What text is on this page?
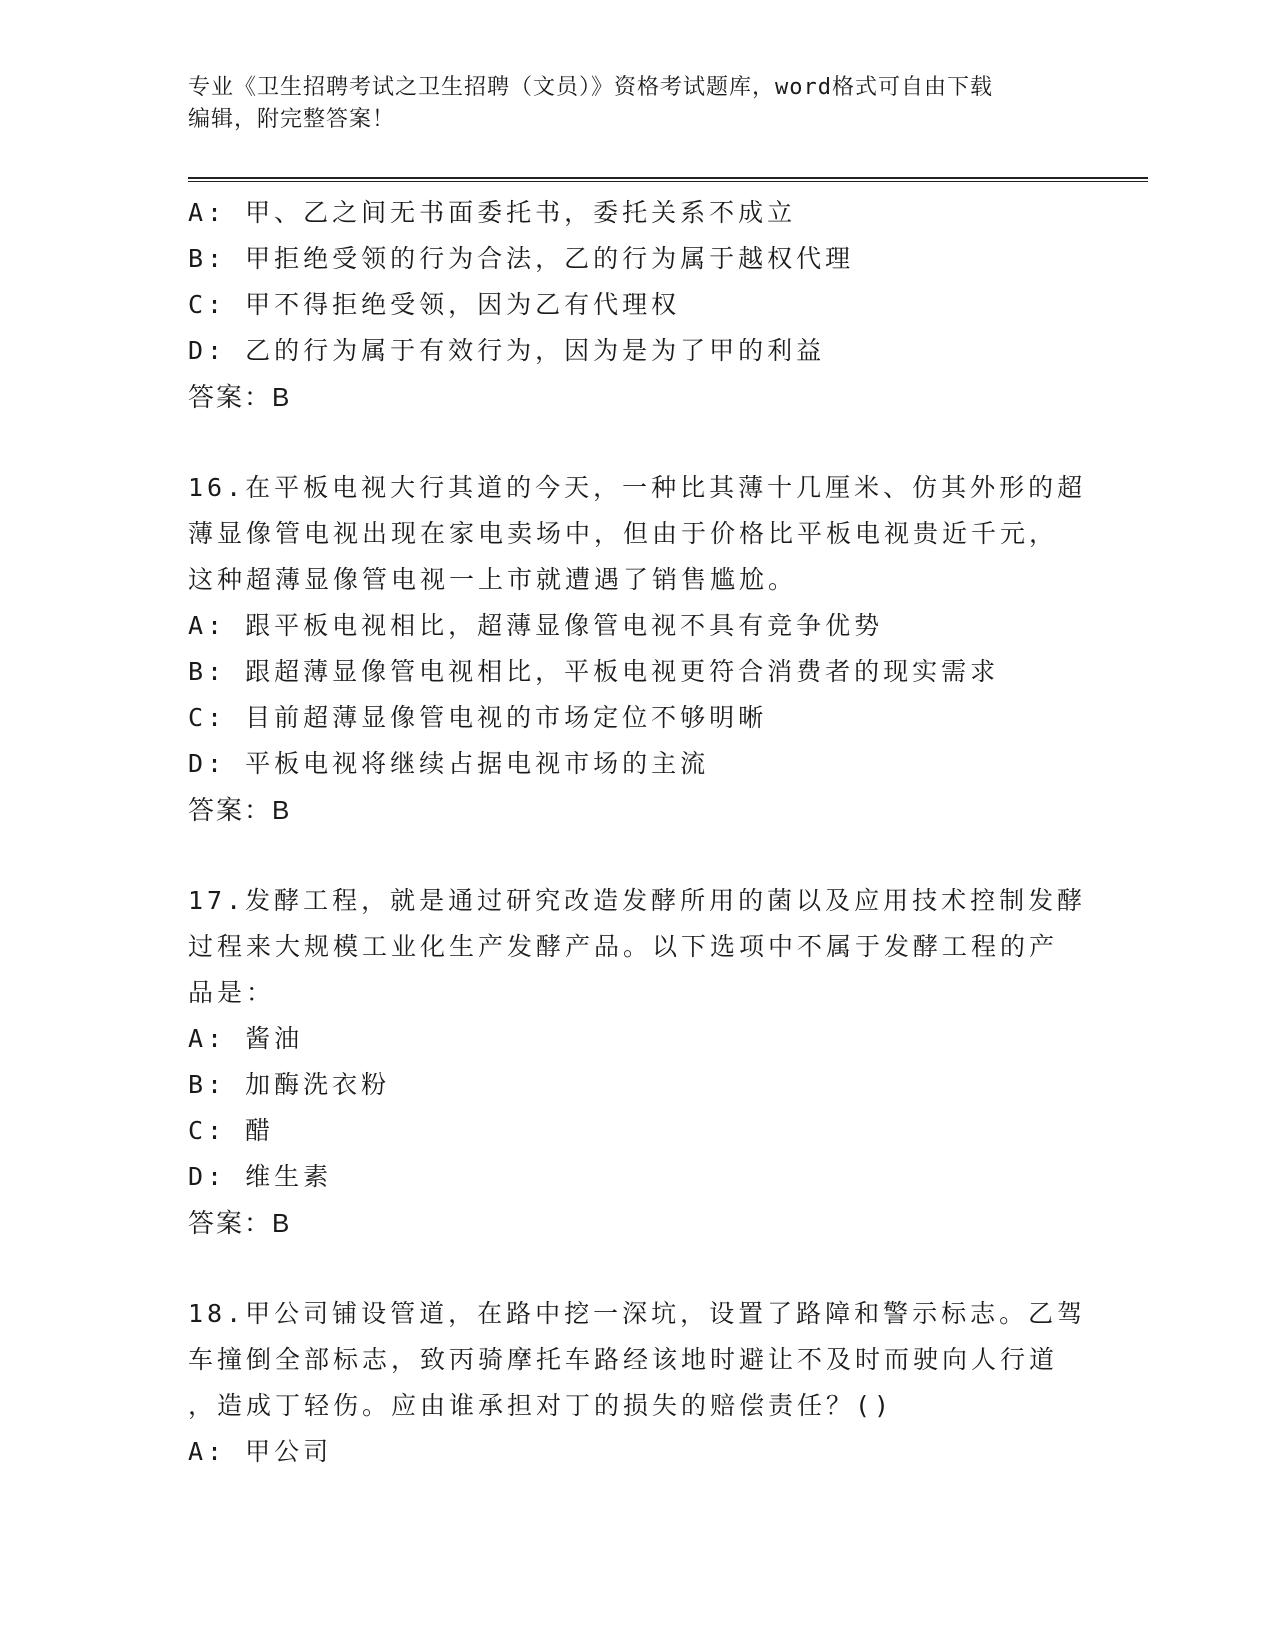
专业《卫生招聘考试之卫生招聘（文员）》资格考试题库，word格式可自由下载
编辑，附完整答案！
A: 甲、乙之间无书面委托书，委托关系不成立
B: 甲拒绝受领的行为合法，乙的行为属于越权代理
C: 甲不得拒绝受领，因为乙有代理权
D: 乙的行为属于有效行为，因为是为了甲的利益
答案：B
16.在平板电视大行其道的今天，一种比其薄十几厘米、仿其外形的超
薄显像管电视出现在家电卖场中，但由于价格比平板电视贵近千元，
这种超薄显像管电视一上市就遭遇了销售尴尬。
A: 跟平板电视相比，超薄显像管电视不具有竞争优势
B: 跟超薄显像管电视相比，平板电视更符合消费者的现实需求
C: 目前超薄显像管电视的市场定位不够明晰
D: 平板电视将继续占据电视市场的主流
答案：B
17.发酵工程，就是通过研究改造发酵所用的菌以及应用技术控制发酵
过程来大规模工业化生产发酵产品。以下选项中不属于发酵工程的产
品是：
A: 酱油
B: 加酶洗衣粉
C: 醋
D: 维生素
答案：B
18.甲公司铺设管道，在路中挖一深坑，设置了路障和警示标志。乙驾
车撞倒全部标志，致丙骑摩托车路经该地时避让不及时而驶向人行道
，造成丁轻伤。应由谁承担对丁的损失的赔偿责任？()
A: 甲公司
